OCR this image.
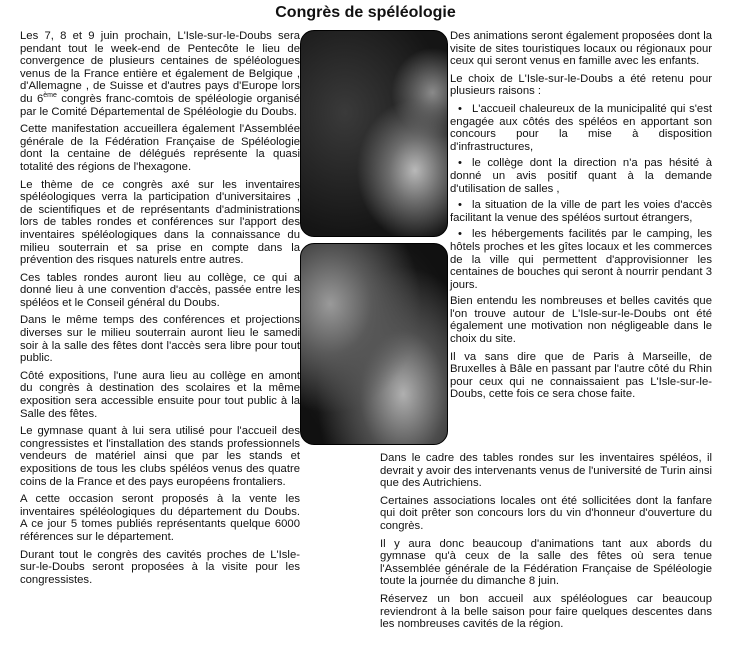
Congrès de spéléologie

Les 7, 8 et 9 juin prochain, L'Isle-sur-le-Doubs sera pendant tout le week-end de Pentecôte le lieu de convergence de plusieurs centaines de spéléologues venus de la France entière et également de Belgique , d'Allemagne , de Suisse et d'autres pays d'Europe lors du 6ème congrès franc-comtois de spéléologie organisé par le Comité Départemental de Spéléologie du Doubs.

Cette manifestation accueillera également l'Assemblée générale de la Fédération Française de Spéléologie dont la centaine de délégués représente la quasi totalité des régions de l'hexagone.

Le thème de ce congrès axé sur les inventaires spéléologiques verra la participation d'universitaires , de scientifiques et de représentants d'administrations lors de tables rondes et conférences sur l'apport des inventaires spéléologiques dans la connaissance du milieu souterrain et sa prise en compte dans la prévention des risques naturels entre autres.

Ces tables rondes auront lieu au collège, ce qui a donné lieu à une convention d'accès, passée entre les spéléos et le Conseil général du Doubs.

Dans le même temps des conférences et projections diverses sur le milieu souterrain auront lieu le samedi soir à la salle des fêtes dont l'accès sera libre pour tout public.

Côté expositions, l'une aura lieu au collège en amont du congrès à destination des scolaires et la même exposition sera accessible ensuite pour tout public à la Salle des fêtes.

Le gymnase quant à lui sera utilisé pour l'accueil des congressistes et l'installation des stands professionnels vendeurs de matériel ainsi que par les stands et expositions de tous les clubs spéléos venus des quatre coins de la France et des pays européens frontaliers.

A cette occasion seront proposés à la vente les inventaires spéléologiques du département du Doubs. A ce jour 5 tomes publiés représentants quelque 6000 références sur le département.

Durant tout le congrès des cavités proches de L'Isle-sur-le-Doubs seront proposées à la visite pour les congressistes.

Des animations seront également proposées dont la visite de sites touristiques locaux ou régionaux pour ceux qui seront venus en famille avec les enfants.

Le choix de L'Isle-sur-le-Doubs a été retenu pour plusieurs raisons :

• L'accueil chaleureux de la municipalité qui s'est engagée aux côtés des spéléos en apportant son concours pour la mise à disposition d'infrastructures,

• le collège dont la direction n'a pas hésité à donné un avis positif quant à la demande d'utilisation de salles ,

• la situation de la ville de part les voies d'accès facilitant la venue des spéléos surtout étrangers,

• les hébergements facilités par le camping, les hôtels proches et les gîtes locaux et les commerces de la ville qui permettent d'approvisionner les centaines de bouches qui seront à nourrir pendant 3 jours.

Bien entendu les nombreuses et belles cavités que l'on trouve autour de L'Isle-sur-le-Doubs ont été également une motivation non négligeable dans le choix du site.

Il va sans dire que de Paris à Marseille, de Bruxelles à Bâle en passant par l'autre côté du Rhin pour ceux qui ne connaissaient pas L'Isle-sur-le-Doubs, cette fois ce sera chose faite.

Dans le cadre des tables rondes sur les inventaires spéléos, il devrait y avoir des intervenants venus de l'université de Turin ainsi que des Autrichiens.

Certaines associations locales ont été sollicitées dont la fanfare qui doit prêter son concours lors du vin d'honneur d'ouverture du congrès.

Il y aura donc beaucoup d'animations tant aux abords du gymnase qu'à ceux de la salle des fêtes où sera tenue l'Assemblée générale de la Fédération Française de Spéléologie toute la journée du dimanche 8 juin.

Réservez un bon accueil aux spéléologues car beaucoup reviendront à la belle saison pour faire quelques descentes dans les nombreuses cavités de la région.
